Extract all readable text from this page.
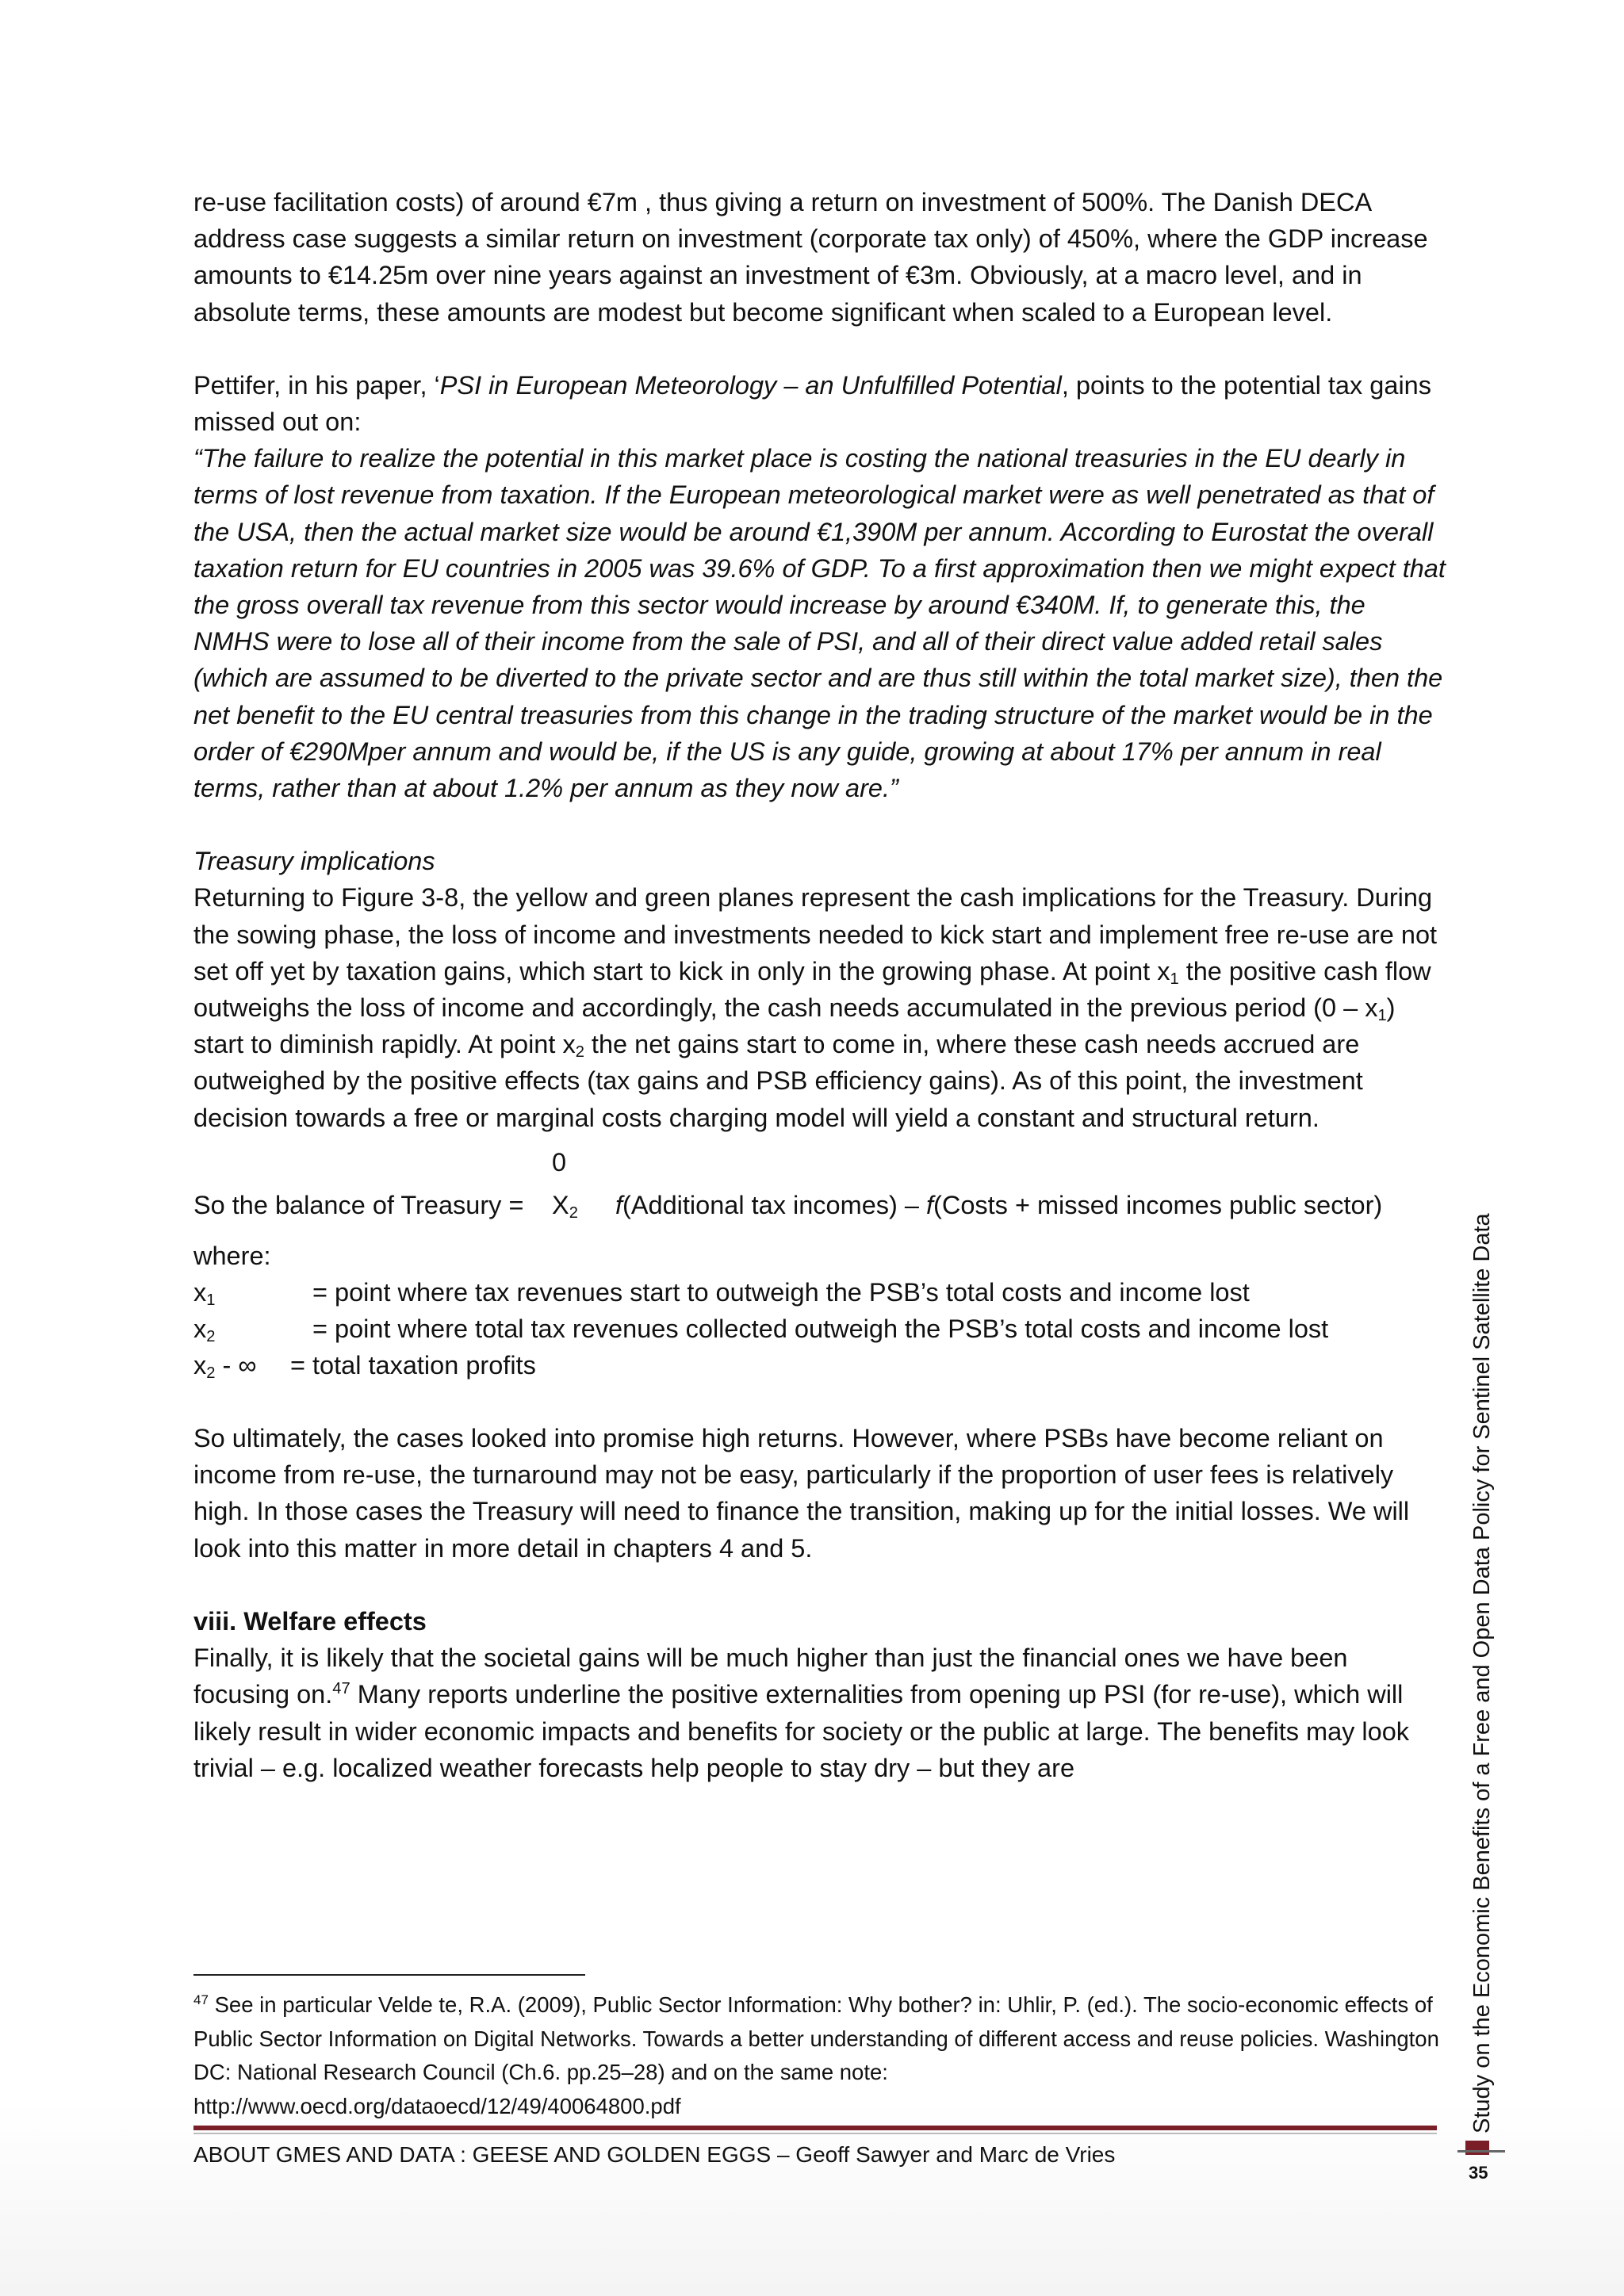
re-use facilitation costs) of around €7m , thus giving a return on investment of 500%. The Danish DECA address case suggests a similar return on investment (corporate tax only) of 450%, where the GDP increase amounts to €14.25m over nine years against an investment of €3m. Obviously, at a macro level, and in absolute terms, these amounts are modest but become significant when scaled to a European level.

Pettifer, in his paper, ‘PSI in European Meteorology – an Unfulfilled Potential, points to the potential tax gains missed out on:

“The failure to realize the potential in this market place is costing the national treasuries in the EU dearly in terms of lost revenue from taxation. If the European meteorological market were as well penetrated as that of the USA, then the actual market size would be around €1,390M per annum. According to Eurostat the overall taxation return for EU countries in 2005 was 39.6% of GDP. To a first approximation then we might expect that the gross overall tax revenue from this sector would increase by around €340M. If, to generate this, the NMHS were to lose all of their income from the sale of PSI, and all of their direct value added retail sales (which are assumed to be diverted to the private sector and are thus still within the total market size), then the net benefit to the EU central treasuries from this change in the trading structure of the market would be in the order of €290Mper annum and would be, if the US is any guide, growing at about 17% per annum in real terms, rather than at about 1.2% per annum as they now are.”

Treasury implications

Returning to Figure 3-8, the yellow and green planes represent the cash implications for the Treasury. During the sowing phase, the loss of income and investments needed to kick start and implement free re-use are not set off yet by taxation gains, which start to kick in only in the growing phase. At point $x_1$ the positive cash flow outweighs the loss of income and accordingly, the cash needs accumulated in the previous period $(0 - x_1)$ start to diminish rapidly. At point $x_2$ the net gains start to come in, where these cash needs accrued are outweighed by the positive effects (tax gains and PSB efficiency gains). As of this point, the investment decision towards a free or marginal costs charging model will yield a constant and structural return.

So the balance of Treasury =
0
$X_2$ f(Additional tax incomes) – f(Costs + missed incomes public sector)

where:

$x_1$	= point where tax revenues start to outweigh the PSB’s total costs and income lost
$x_2$	= point where total tax revenues collected outweigh the PSB’s total costs and income lost
$x_2$ - ∞ = total taxation profits

So ultimately, the cases looked into promise high returns. However, where PSBs have become reliant on income from re-use, the turnaround may not be easy, particularly if the proportion of user fees is relatively high. In those cases the Treasury will need to finance the transition, making up for the initial losses. We will look into this matter in more detail in chapters 4 and 5.

viii. Welfare effects

Finally, it is likely that the societal gains will be much higher than just the financial ones we have been focusing on.$^{47}$ Many reports underline the positive externalities from opening up PSI (for re-use), which will likely result in wider economic impacts and benefits for society or the public at large. The benefits may look trivial – e.g. localized weather forecasts help people to stay dry – but they are

$^{47}$ See in particular Velde te, R.A. (2009), Public Sector Information: Why bother? in: Uhlir, P. (ed.). The socio-economic effects of Public Sector Information on Digital Networks. Towards a better understanding of different access and reuse policies. Washington DC: National Research Council (Ch.6. pp.25–28) and on the same note:

http://www.oecd.org/dataoecd/12/49/40064800.pdf

ABOUT GMES AND DATA : GEESE AND GOLDEN EGGS – Geoff Sawyer and Marc de Vries
Study on the Economic Benefits of a Free and Open Data Policy for Sentinel Satellite Data
35
